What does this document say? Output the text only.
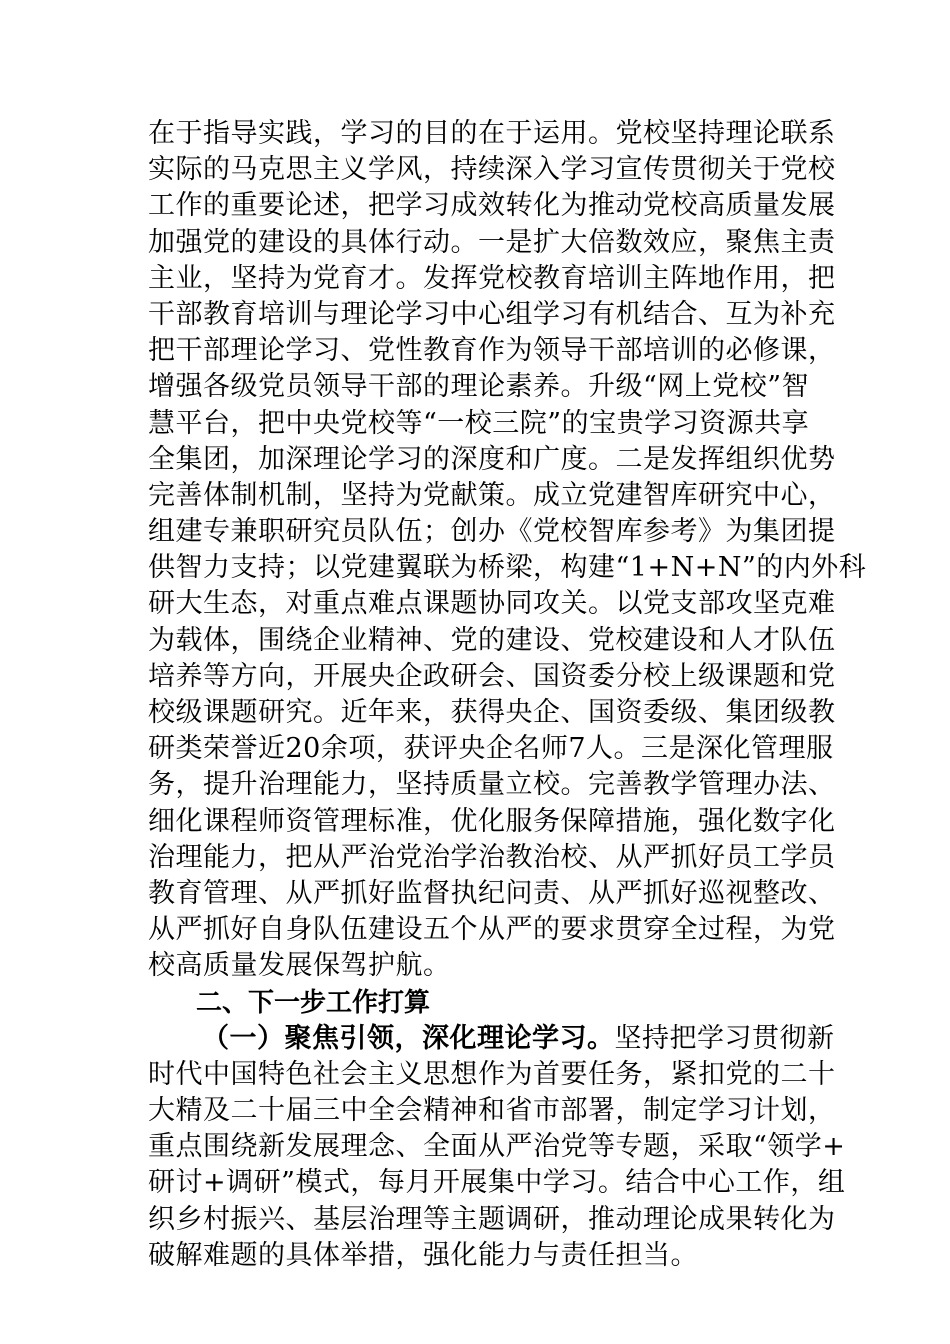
在于指导实践，学习的目的在于运用。党校坚持理论联系
实际的马克思主义学风，持续深入学习宣传贯彻关于党校
工作的重要论述，把学习成效转化为推动党校高质量发展
加强党的建设的具体行动。一是扩大倍数效应，聚焦主责
主业，坚持为党育才。发挥党校教育培训主阵地作用，把
干部教育培训与理论学习中心组学习有机结合、互为补充
把干部理论学习、党性教育作为领导干部培训的必修课，
增强各级党员领导干部的理论素养。升级“网上党校”智
慧平台，把中央党校等“一校三院”的宝贵学习资源共享
全集团，加深理论学习的深度和广度。二是发挥组织优势
完善体制机制，坚持为党献策。成立党建智库研究中心，
组建专兼职研究员队伍；创办《党校智库参考》为集团提
供智力支持；以党建翼联为桥梁，构建“1+N+N”的内外科
研大生态，对重点难点课题协同攻关。以党支部攻坚克难
为载体，围绕企业精神、党的建设、党校建设和人才队伍
培养等方向，开展央企政研会、国资委分校上级课题和党
校级课题研究。近年来，获得央企、国资委级、集团级教
研类荣誉近20余项，获评央企名师7人。三是深化管理服
务，提升治理能力，坚持质量立校。完善教学管理办法、
细化课程师资管理标准，优化服务保障措施，强化数字化
治理能力，把从严治党治学治教治校、从严抓好员工学员
教育管理、从严抓好监督执纪问责、从严抓好巡视整改、
从严抓好自身队伍建设五个从严的要求贯穿全过程，为党
校高质量发展保驾护航。
二、下一步工作打算
（一）聚焦引领，深化理论学习。坚持把学习贯彻新
时代中国特色社会主义思想作为首要任务，紧扣党的二十
大精及二十届三中全会精神和省市部署，制定学习计划，
重点围绕新发展理念、全面从严治党等专题，采取“领学+
研讨+调研”模式，每月开展集中学习。结合中心工作，组
织乡村振兴、基层治理等主题调研，推动理论成果转化为
破解难题的具体举措，强化能力与责任担当。
